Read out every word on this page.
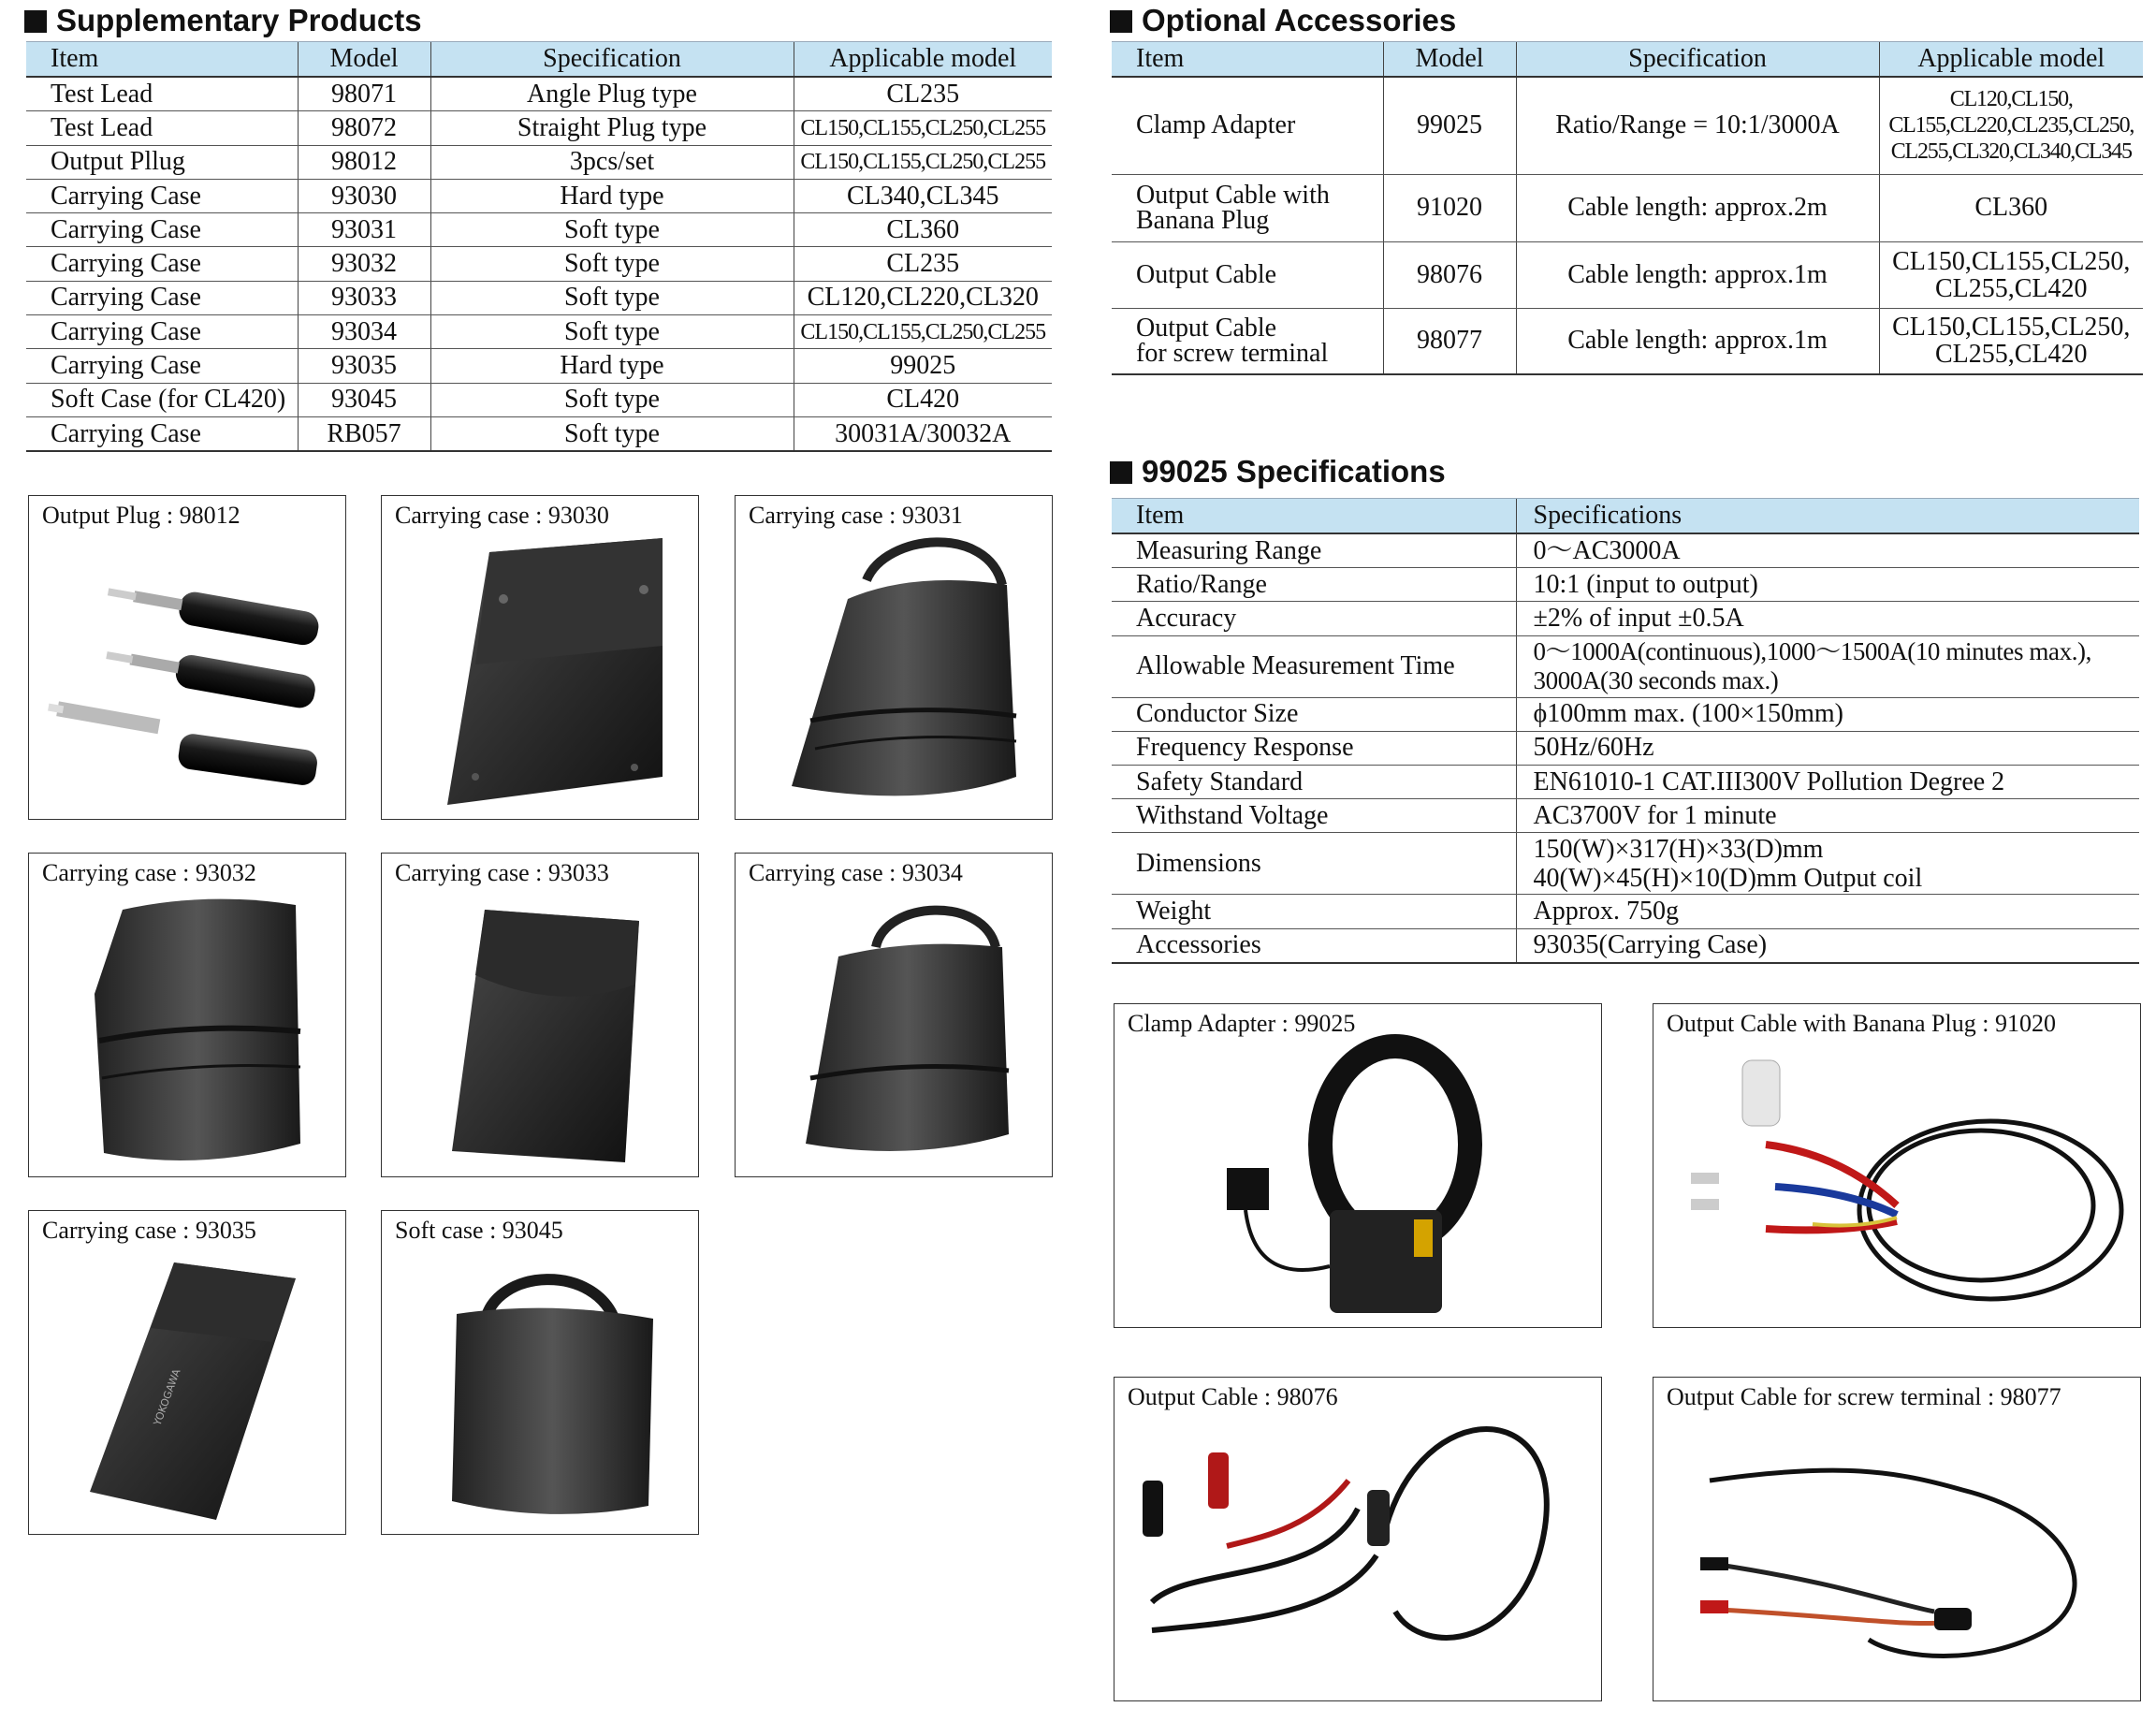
Supplementary Products	Optional Accessories
99025 Specifications
Item	Model	Specification	Applicable model
Test Lead	98071	Angle Plug type	CL235
Test Lead	98072	Straight Plug type	CL150,CL155,CL250,CL255
Output Pllug	98012	3pcs/set	CL150,CL155,CL250,CL255
Carrying Case	93030	Hard type	CL340,CL345
Carrying Case	93031	Soft type	CL360
Carrying Case	93032	Soft type	CL235
Carrying Case	93033	Soft type	CL120,CL220,CL320
Carrying Case	93034	Soft type	CL150,CL155,CL250,CL255
Carrying Case	93035	Hard type	99025
Soft Case (for CL420)	93045	Soft type	CL420
Carrying Case	RB057	Soft type	30031A/30032A
Item	Model	Specification	Applicable model
Clamp Adapter	99025	Ratio/Range = 10:1/3000A	CL120,CL150,
CL155,CL220,CL235,CL250,
CL255,CL320,CL340,CL345
Output Cable with
Banana Plug	91020	Cable length: approx.2m	CL360
Output Cable	98076	Cable length: approx.1m	CL150,CL155,CL250,
CL255,CL420
Output Cable
for screw terminal	98077	Cable length: approx.1m	CL150,CL155,CL250,
CL255,CL420
Item	Specifications
Measuring Range	0～AC3000A
Ratio/Range	10:1 (input to output)
Accuracy	±2% of input ±0.5A
Allowable Measurement Time	0～1000A(continuous),1000～1500A(10 minutes max.),
3000A(30 seconds max.)
Conductor Size	ϕ100mm max. (100×150mm)
Frequency Response	50Hz/60Hz
Safety Standard	EN61010-1 CAT.III300V Pollution Degree 2
Withstand Voltage	AC3700V for 1 minute
Dimensions	150(W)×317(H)×33(D)mm
40(W)×45(H)×10(D)mm Output coil
Weight	Approx. 750g
Accessories	93035(Carrying Case)
Output Plug : 98012	Carrying case : 93030	Carrying case : 93031
Carrying case : 93032	Carrying case : 93033	Carrying case : 93034
YOKOGAWA
Carrying case : 93035	Soft case : 93045
Clamp Adapter : 99025	Output Cable with Banana Plug : 91020
Output Cable : 98076	Output Cable for screw terminal : 98077
